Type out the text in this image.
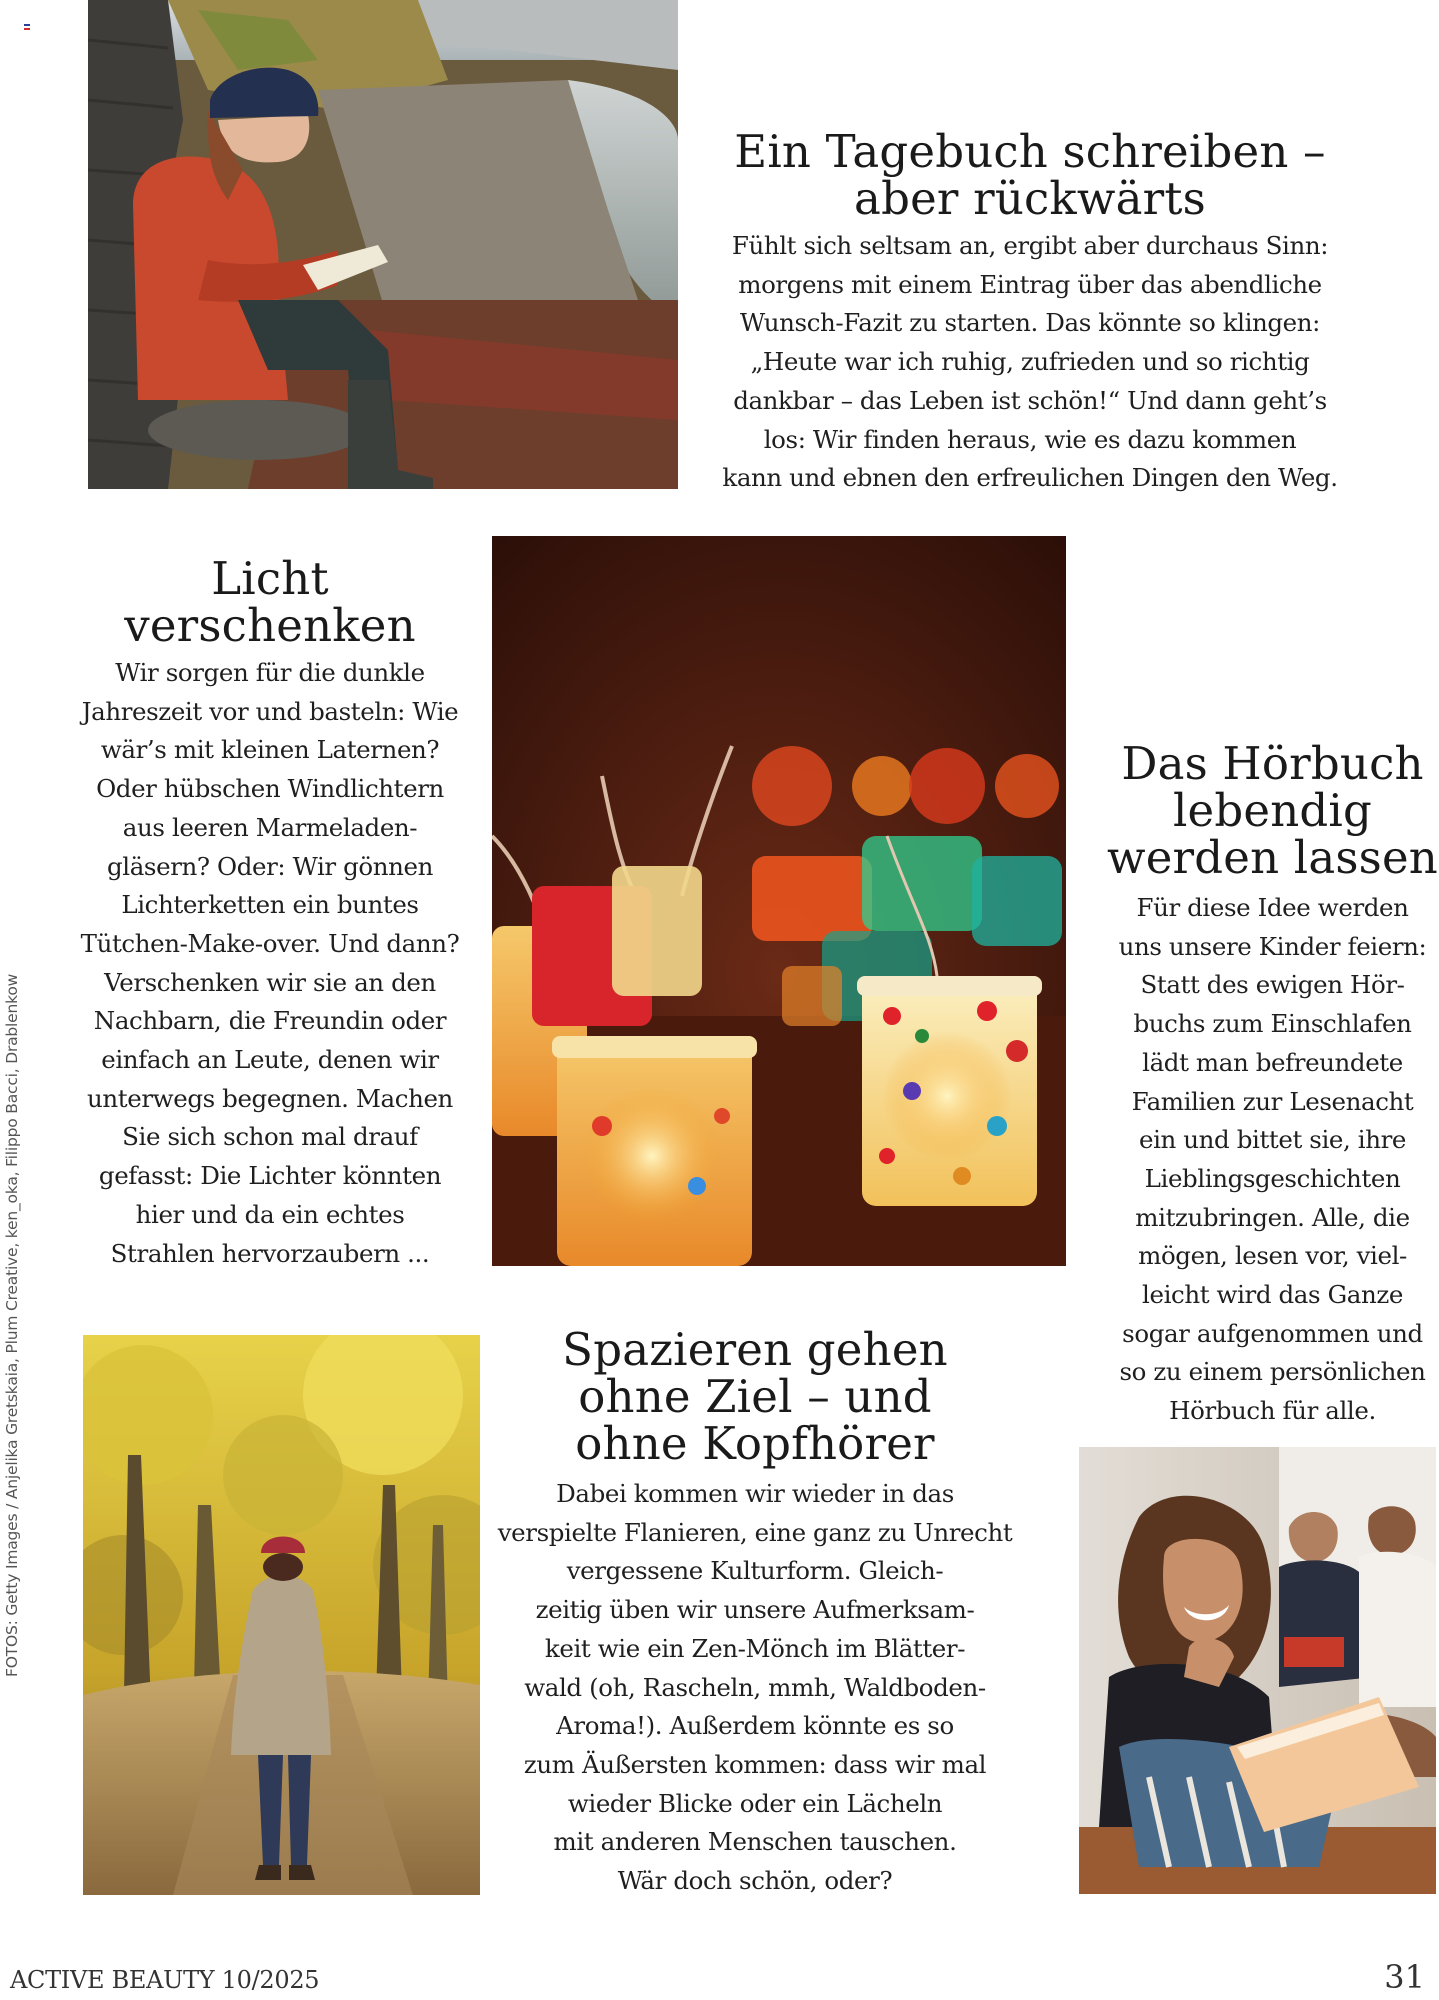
Ein Tagebuch schreiben –
aber rückwärts

Fühlt sich seltsam an, ergibt aber durchaus Sinn:
morgens mit einem Eintrag über das abendliche
Wunsch-Fazit zu starten. Das könnte so klingen:
„Heute war ich ruhig, zufrieden und so richtig
dankbar – das Leben ist schön!“ Und dann geht’s
los: Wir finden heraus, wie es dazu kommen
kann und ebnen den erfreulichen Dingen den Weg.

Licht
verschenken

Wir sorgen für die dunkle
Jahreszeit vor und basteln: Wie
wär’s mit kleinen Laternen?
Oder hübschen Windlichtern
aus leeren Marmeladen-
gläsern? Oder: Wir gönnen
Lichterketten ein buntes
Tütchen-Make-over. Und dann?
Verschenken wir sie an den
Nachbarn, die Freundin oder
einfach an Leute, denen wir
unterwegs begegnen. Machen
Sie sich schon mal drauf
gefasst: Die Lichter könnten
hier und da ein echtes
Strahlen hervorzaubern ...

Das Hörbuch
lebendig
werden lassen

Für diese Idee werden
uns unsere Kinder feiern:
Statt des ewigen Hör-
buchs zum Einschlafen
lädt man befreundete
Familien zur Lesenacht
ein und bittet sie, ihre
Lieblingsgeschichten
mitzubringen. Alle, die
mögen, lesen vor, viel-
leicht wird das Ganze
sogar aufgenommen und
so zu einem persönlichen
Hörbuch für alle.

Spazieren gehen
ohne Ziel – und
ohne Kopfhörer

Dabei kommen wir wieder in das
verspielte Flanieren, eine ganz zu Unrecht
vergessene Kulturform. Gleich-
zeitig üben wir unsere Aufmerksam-
keit wie ein Zen-Mönch im Blätter-
wald (oh, Rascheln, mmh, Waldboden-
Aroma!). Außerdem könnte es so
zum Äußersten kommen: dass wir mal
wieder Blicke oder ein Lächeln
mit anderen Menschen tauschen.
Wär doch schön, oder?

FOTOS: Getty Images / Anjelika Gretskaia, Plum Creative, ken_oka, Filippo Bacci, Drablenkow
ACTIVE BEAUTY 10/2025	31
